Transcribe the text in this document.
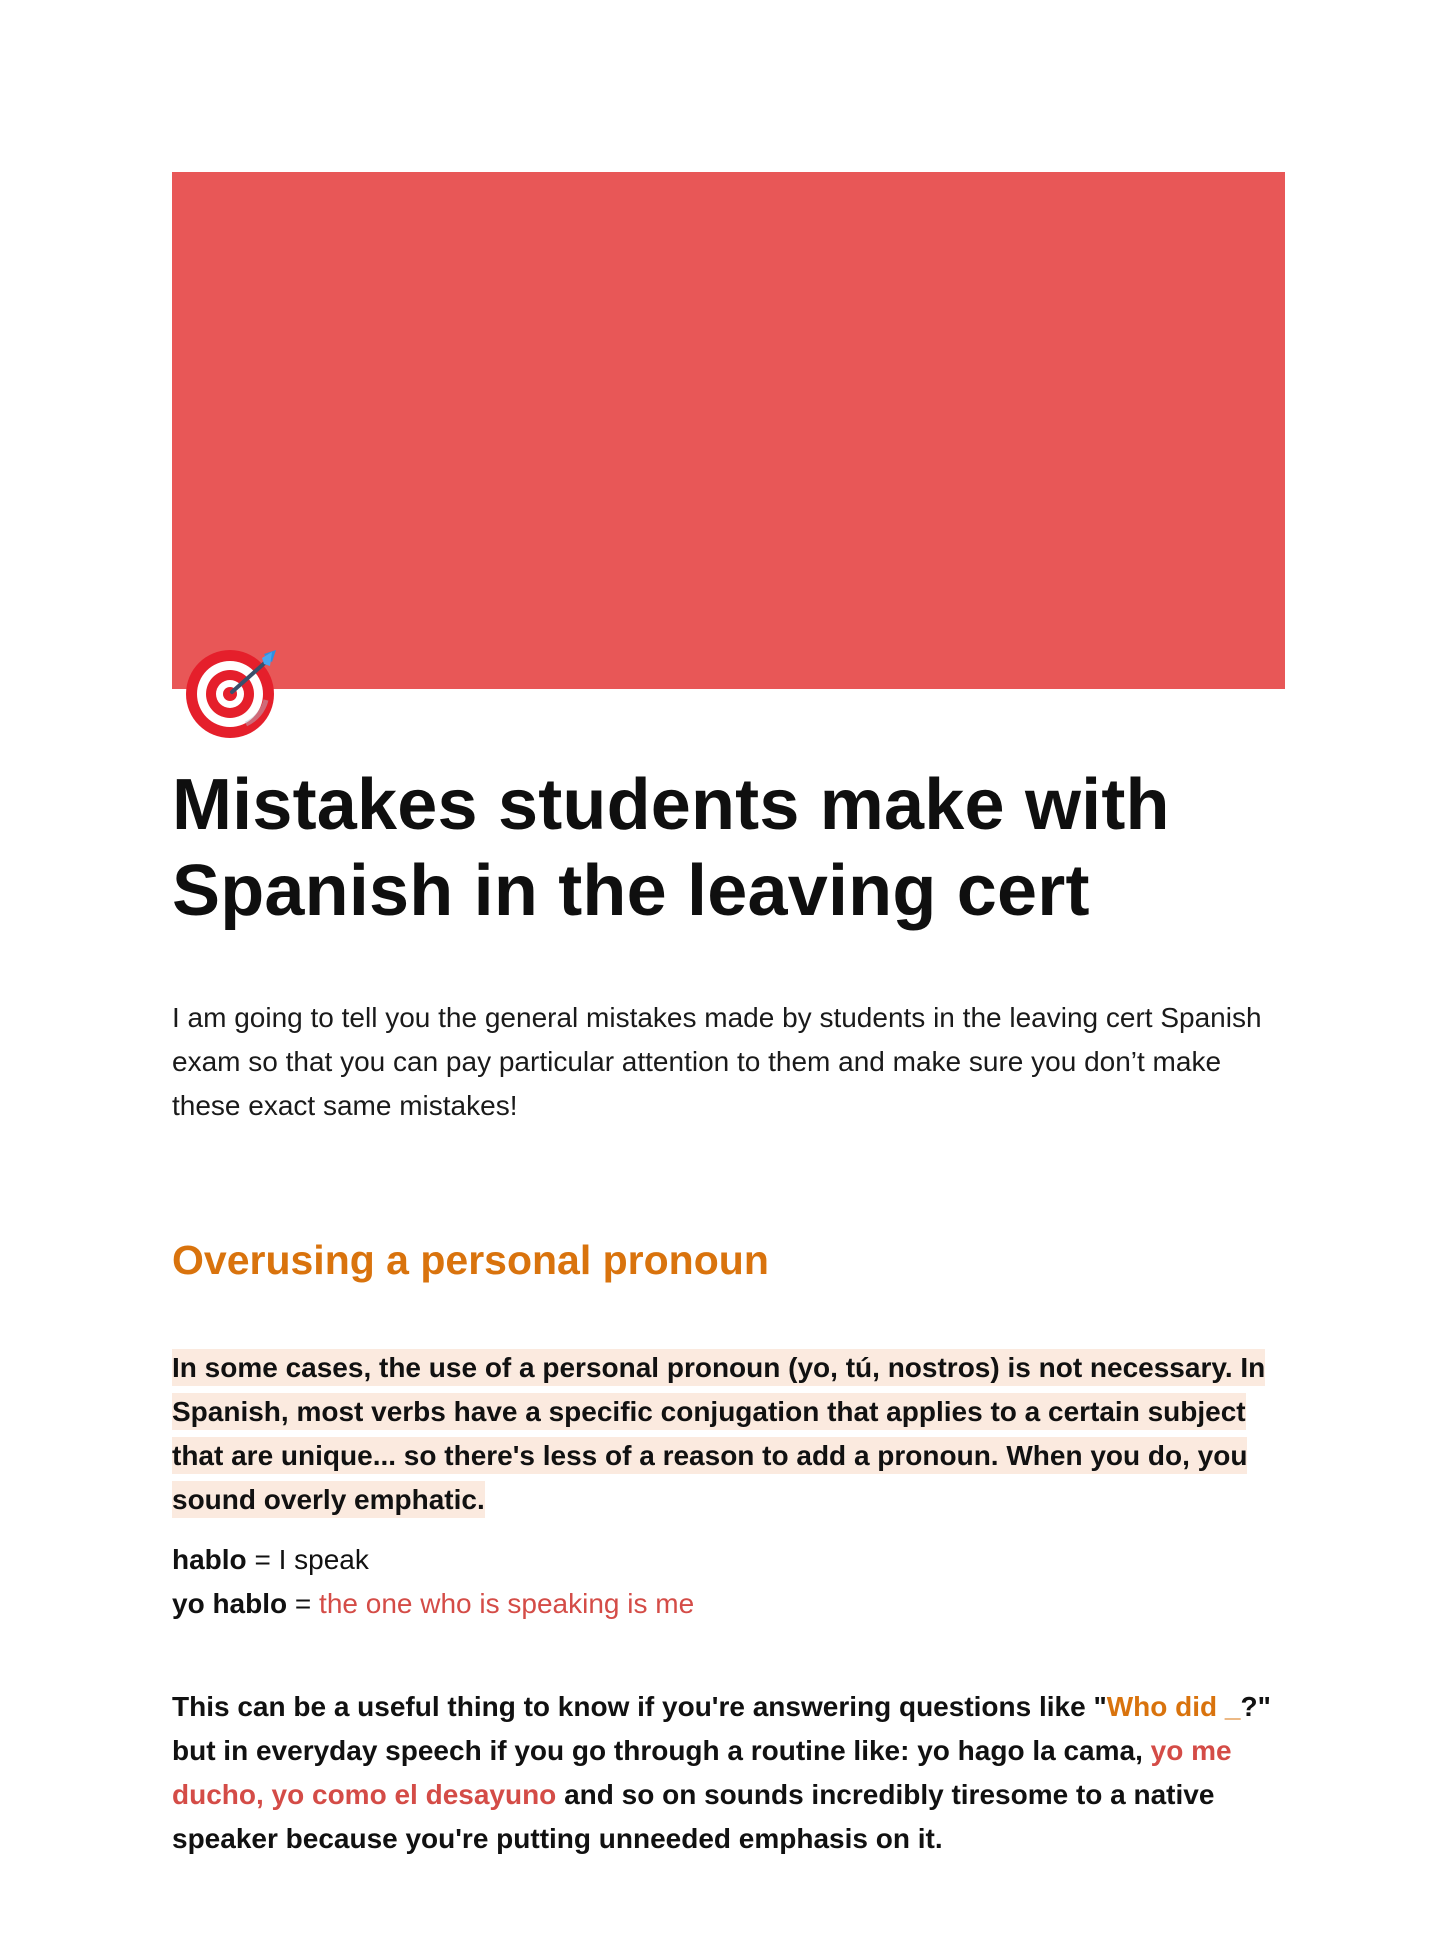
Mistakes students make with Spanish in the leaving cert

I am going to tell you the general mistakes made by students in the leaving cert Spanish exam so that you can pay particular attention to them and make sure you don’t make these exact same mistakes!

Overusing a personal pronoun

In some cases, the use of a personal pronoun (yo, tú, nostros) is not necessary. In Spanish, most verbs have a specific conjugation that applies to a certain subject that are unique... so there's less of a reason to add a pronoun. When you do, you sound overly emphatic.

hablo = I speak
yo hablo = the one who is speaking is me

This can be a useful thing to know if you're answering questions like "Who did _?" but in everyday speech if you go through a routine like: yo hago la cama, yo me ducho, yo como el desayuno and so on sounds incredibly tiresome to a native speaker because you're putting unneeded emphasis on it.
